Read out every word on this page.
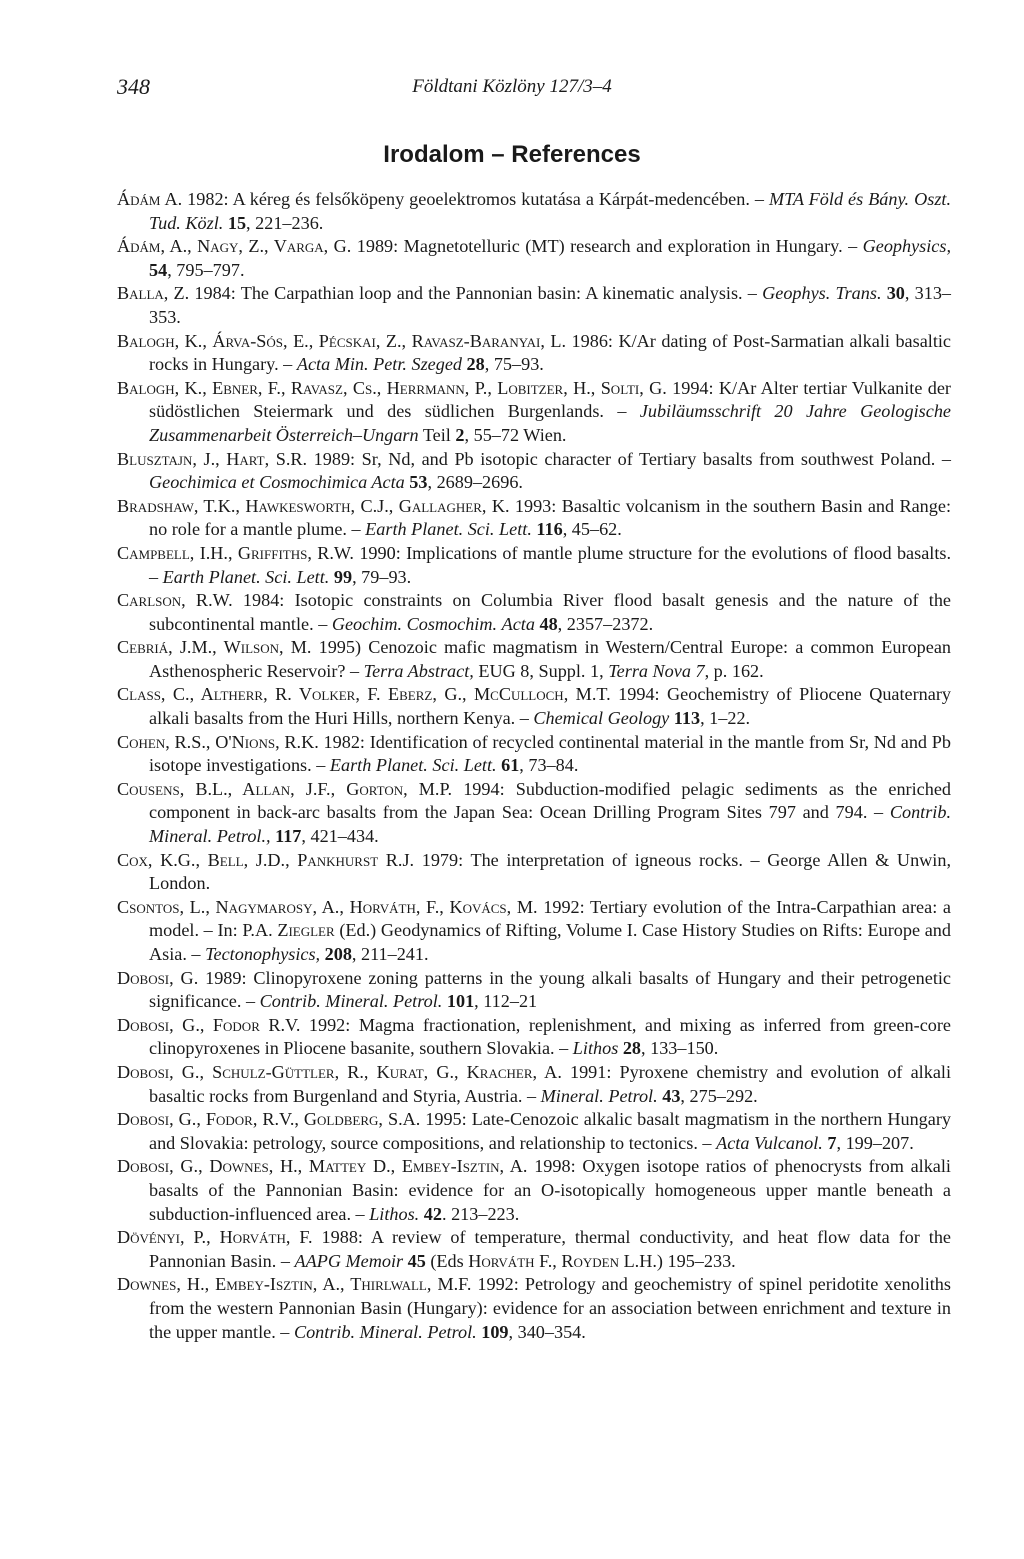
348	Földtani Közlöny 127/3–4
Irodalom – References

Ádám A. 1982: A kéreg és felsőköpeny geoelektromos kutatása a Kárpát-medencében. – MTA Föld és Bány. Oszt. Tud. Közl. 15, 221–236.

Ádám, A., Nagy, Z., Varga, G. 1989: Magnetotelluric (MT) research and exploration in Hungary. – Geophysics, 54, 795–797.

Balla, Z. 1984: The Carpathian loop and the Pannonian basin: A kinematic analysis. – Geophys. Trans. 30, 313–353.

Balogh, K., Árva-Sós, E., Pécskai, Z., Ravasz-Baranyai, L. 1986: K/Ar dating of Post-Sarmatian alkali basaltic rocks in Hungary. – Acta Min. Petr. Szeged 28, 75–93.

Balogh, K., Ebner, F., Ravasz, Cs., Herrmann, P., Lobitzer, H., Solti, G. 1994: K/Ar Alter tertiar Vulkanite der südöstlichen Steiermark und des südlichen Burgenlands. – Jubiläumsschrift 20 Jahre Geologische Zusammenarbeit Österreich–Ungarn Teil 2, 55–72 Wien.

Blusztajn, J., Hart, S.R. 1989: Sr, Nd, and Pb isotopic character of Tertiary basalts from southwest Poland. – Geochimica et Cosmochimica Acta 53, 2689–2696.

Bradshaw, T.K., Hawkesworth, C.J., Gallagher, K. 1993: Basaltic volcanism in the southern Basin and Range: no role for a mantle plume. – Earth Planet. Sci. Lett. 116, 45–62.

Campbell, I.H., Griffiths, R.W. 1990: Implications of mantle plume structure for the evolutions of flood basalts. – Earth Planet. Sci. Lett. 99, 79–93.

Carlson, R.W. 1984: Isotopic constraints on Columbia River flood basalt genesis and the nature of the subcontinental mantle. – Geochim. Cosmochim. Acta 48, 2357–2372.

Cebriá, J.M., Wilson, M. 1995) Cenozoic mafic magmatism in Western/Central Europe: a common European Asthenospheric Reservoir? – Terra Abstract, EUG 8, Suppl. 1, Terra Nova 7, p. 162.

Class, C., Altherr, R. Volker, F. Eberz, G., McCulloch, M.T. 1994: Geochemistry of Pliocene Quaternary alkali basalts from the Huri Hills, northern Kenya. – Chemical Geology 113, 1–22.

Cohen, R.S., O'Nions, R.K. 1982: Identification of recycled continental material in the mantle from Sr, Nd and Pb isotope investigations. – Earth Planet. Sci. Lett. 61, 73–84.

Cousens, B.L., Allan, J.F., Gorton, M.P. 1994: Subduction-modified pelagic sediments as the enriched component in back-arc basalts from the Japan Sea: Ocean Drilling Program Sites 797 and 794. – Contrib. Mineral. Petrol., 117, 421–434.

Cox, K.G., Bell, J.D., Pankhurst R.J. 1979: The interpretation of igneous rocks. – George Allen & Unwin, London.

Csontos, L., Nagymarosy, A., Horváth, F., Kovács, M. 1992: Tertiary evolution of the Intra-Carpathian area: a model. – In: P.A. Ziegler (Ed.) Geodynamics of Rifting, Volume I. Case History Studies on Rifts: Europe and Asia. – Tectonophysics, 208, 211–241.

Dobosi, G. 1989: Clinopyroxene zoning patterns in the young alkali basalts of Hungary and their petrogenetic significance. – Contrib. Mineral. Petrol. 101, 112–21

Dobosi, G., Fodor R.V. 1992: Magma fractionation, replenishment, and mixing as inferred from green-core clinopyroxenes in Pliocene basanite, southern Slovakia. – Lithos 28, 133–150.

Dobosi, G., Schulz-Güttler, R., Kurat, G., Kracher, A. 1991: Pyroxene chemistry and evolution of alkali basaltic rocks from Burgenland and Styria, Austria. – Mineral. Petrol. 43, 275–292.

Dobosi, G., Fodor, R.V., Goldberg, S.A. 1995: Late-Cenozoic alkalic basalt magmatism in the northern Hungary and Slovakia: petrology, source compositions, and relationship to tectonics. – Acta Vulcanol. 7, 199–207.

Dobosi, G., Downes, H., Mattey D., Embey-Isztin, A. 1998: Oxygen isotope ratios of phenocrysts from alkali basalts of the Pannonian Basin: evidence for an O-isotopically homogeneous upper mantle beneath a subduction-influenced area. – Lithos. 42. 213–223.

Dövényi, P., Horváth, F. 1988: A review of temperature, thermal conductivity, and heat flow data for the Pannonian Basin. – AAPG Memoir 45 (Eds Horváth F., Royden L.H.) 195–233.

Downes, H., Embey-Isztin, A., Thirlwall, M.F. 1992: Petrology and geochemistry of spinel peridotite xenoliths from the western Pannonian Basin (Hungary): evidence for an association between enrichment and texture in the upper mantle. – Contrib. Mineral. Petrol. 109, 340–354.
